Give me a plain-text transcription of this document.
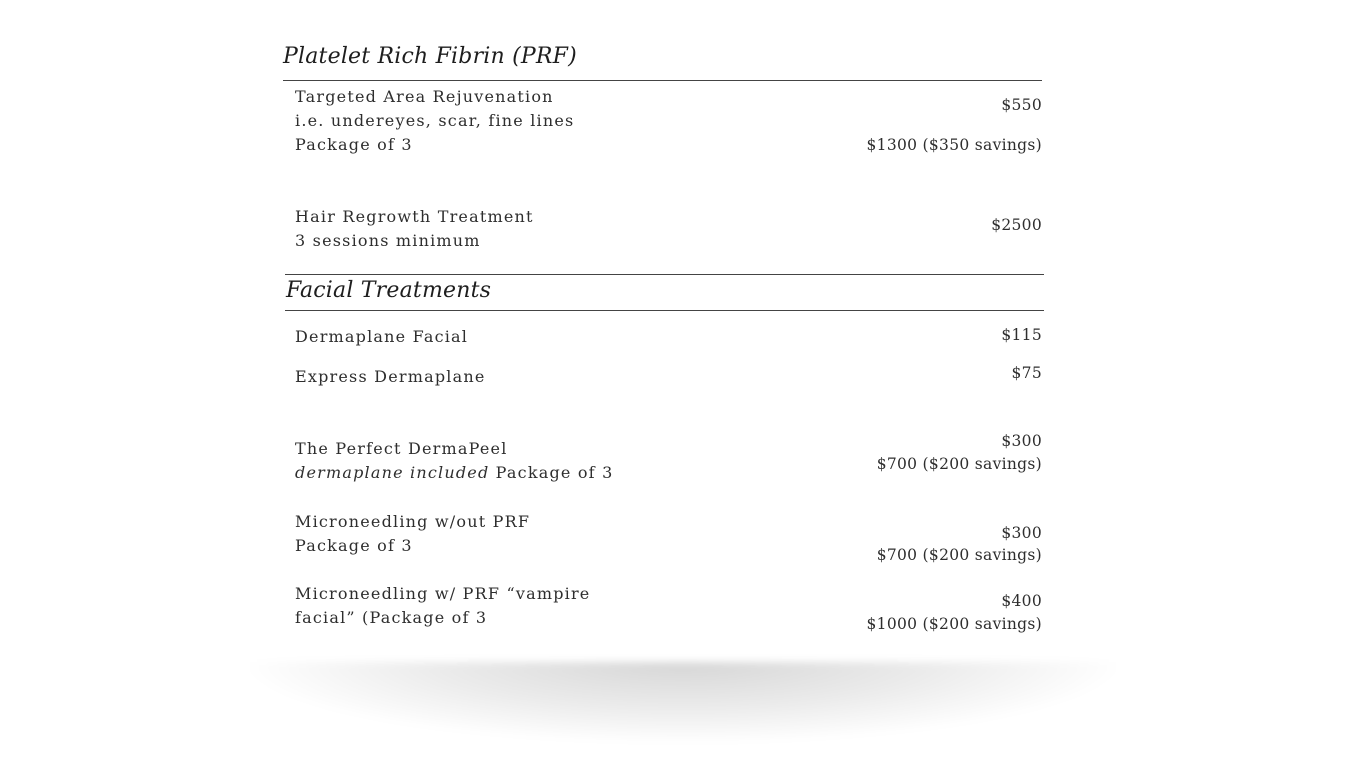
Platelet Rich Fibrin (PRF)
Targeted Area Rejuvenation
i.e. undereyes, scar, fine lines
Package of 3
$550
$1300 ($350 savings)
Hair Regrowth Treatment
3 sessions minimum
$2500
Facial Treatments
Dermaplane Facial	$115
Express Dermaplane	$75
The Perfect DermaPeel
dermaplane included Package of 3
$300
$700 ($200 savings)
Microneedling w/out PRF
Package of 3
$300
$700 ($200 savings)
Microneedling w/ PRF “vampire
facial” (Package of 3
$400
$1000 ($200 savings)
